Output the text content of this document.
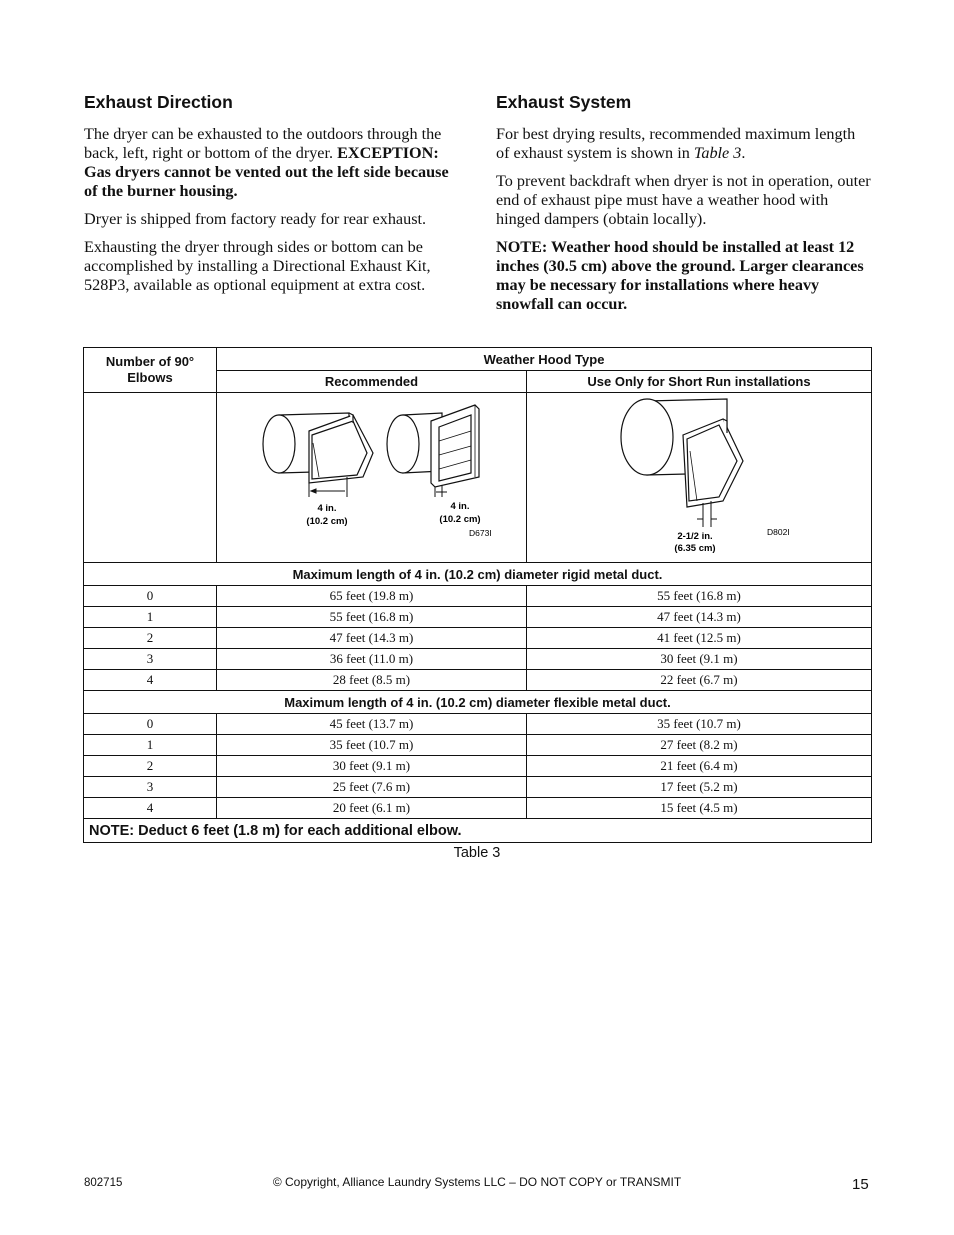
Exhaust Direction

The dryer can be exhausted to the outdoors through the back, left, right or bottom of the dryer. EXCEPTION: Gas dryers cannot be vented out the left side because of the burner housing.

Dryer is shipped from factory ready for rear exhaust.

Exhausting the dryer through sides or bottom can be accomplished by installing a Directional Exhaust Kit, 528P3, available as optional equipment at extra cost.

Exhaust System

For best drying results, recommended maximum length of exhaust system is shown in Table 3.

To prevent backdraft when dryer is not in operation, outer end of exhaust pipe must have a weather hood with hinged dampers (obtain locally).

NOTE: Weather hood should be installed at least 12 inches (30.5 cm) above the ground. Larger clearances may be necessary for installations where heavy snowfall can occur.

Number of 90° Elbows	Weather Hood Type	
	Recommended	Use Only for Short Run installations

4 in.
(10.2 cm)
4 in.
(10.2 cm)
D673I	2-1/2 in.
(6.35 cm)
D802I

Maximum length of 4 in. (10.2 cm) diameter rigid metal duct.		
0	65 feet (19.8 m)	55 feet (16.8 m)
1	55 feet (16.8 m)	47 feet (14.3 m)
2	47 feet (14.3 m)	41 feet (12.5 m)
3	36 feet (11.0 m)	30 feet (9.1 m)
4	28 feet (8.5 m)	22 feet (6.7 m)
Maximum length of 4 in. (10.2 cm) diameter flexible metal duct.		
0	45 feet (13.7 m)	35 feet (10.7 m)
1	35 feet (10.7 m)	27 feet (8.2 m)
2	30 feet (9.1 m)	21 feet (6.4 m)
3	25 feet (7.6 m)	17 feet (5.2 m)
4	20 feet (6.1 m)	15 feet (4.5 m)
NOTE: Deduct 6 feet (1.8 m) for each additional elbow.		
Table 3
802715	© Copyright, Alliance Laundry Systems LLC – DO NOT COPY or TRANSMIT	15
